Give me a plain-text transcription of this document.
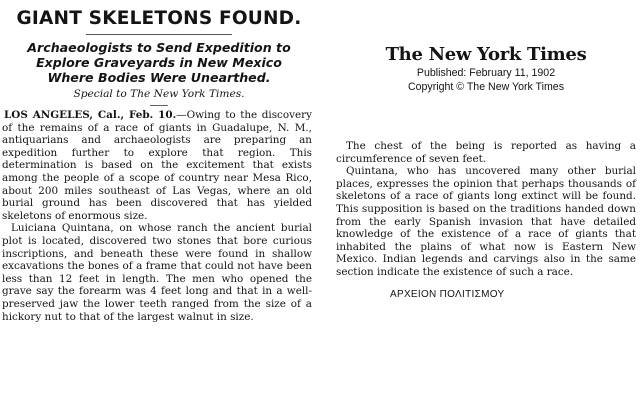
GIANT SKELETONS FOUND.

Archaeologists to Send Expedition to

Explore Graveyards in New Mexico

Where Bodies Were Unearthed.

Special to The New York Times.

LOS ANGELES, Cal., Feb. 10.—Owing to the discovery of the remains of a race of giants in Guadalupe, N. M., antiquarians and archaeologists are preparing an expedition further to explore that region. This determination is based on the excitement that exists among the people of a scope of country near Mesa Rico, about 200 miles southeast of Las Vegas, where an old burial ground has been discovered that has yielded skeletons of enormous size.

Luiciana Quintana, on whose ranch the ancient burial plot is located, discovered two stones that bore curious inscriptions, and beneath these were found in shallow excavations the bones of a frame that could not have been less than 12 feet in length. The men who opened the grave say the forearm was 4 feet long and that in a well-preserved jaw the lower teeth ranged from the size of a hickory nut to that of the largest walnut in size.

The New York Times
Published: February 11, 1902
Copyright © The New York Times

The chest of the being is reported as having a circumference of seven feet.

Quintana, who has uncovered many other burial places, expresses the opinion that perhaps thousands of skeletons of a race of giants long extinct will be found. This supposition is based on the traditions handed down from the early Spanish invasion that have detailed knowledge of the existence of a race of giants that inhabited the plains of what now is Eastern New Mexico. Indian legends and carvings also in the same section indicate the existence of such a race.

ΑΡΧΕΙΟΝ ΠΟΛΙΤΙΣΜΟΥ
